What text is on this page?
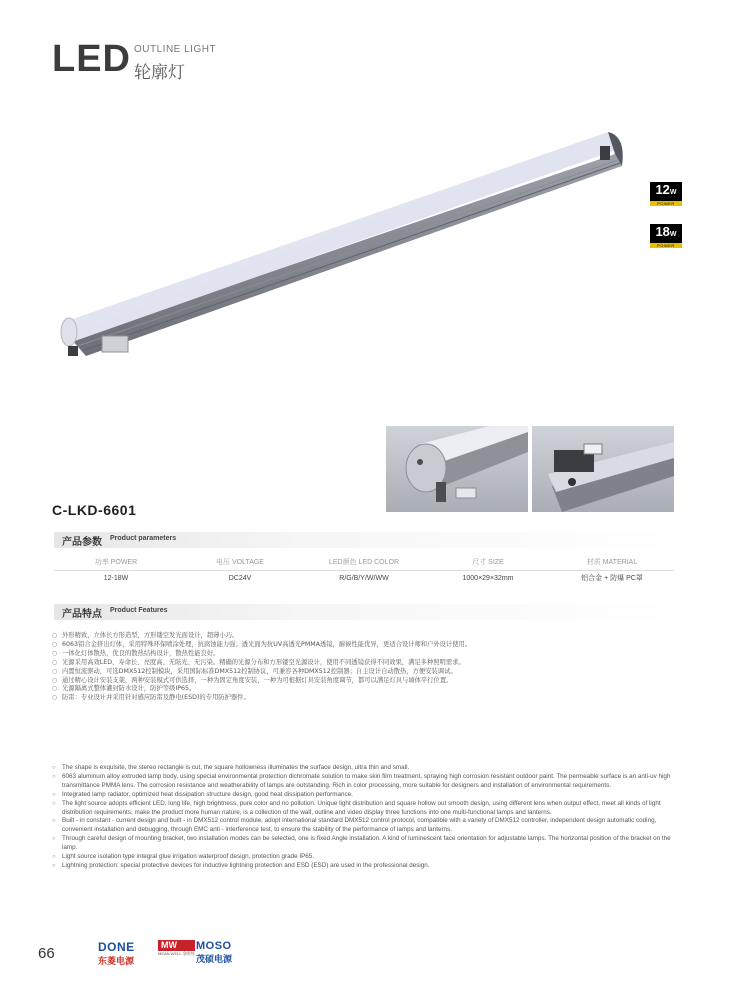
LED OUTLINE LIGHT
轮廓灯
12W
POWER
18W
POWER
C-LKD-6601
产品参数 Product parameters
功率 POWER	电压 VOLTAGE	LED颜色 LED COLOR	尺寸 SIZE	材质 MATERIAL
12-18W	DC24V	R/G/B/Y/W/WW	1000×29×32mm	铝合金 + 防爆 PC罩
产品特点 Product Features
○ 外形精致，立体长方形造型，方形镂空发光面设计，超薄小巧。
○ 6063铝合金挤出灯体，采用特殊环保喷涂处理，抗腐蚀能力强；透光面为抗UV高透光PMMA透镜，耐候性能优异，更适合设计师和户外设计使用。
○ 一体化灯体散热，优良的散热结构设计，散热性能良好。
○ 光源采用高效LED，寿命长、亮度高、无眩光、无污染。精确的光源分布和方形镂空光源设计，使用不同透镜获得不同效果，满足多种照明需求。
○ 内置恒流驱动，可选DMX512控制模块，采用国际标准DMX512控制协议，可兼容各种DMX512控制器；自主设计自动散热，方便安装调试。
○ 通过精心设计安装支架，两种安装模式可供选择，一种为固定角度安装，一种为可根据灯具安装角度调节，都可以满足灯具与墙体平行位置。
○ 光源隔离式整体灌封防水设计，防护等级IP65。
○ 防雷：专业设计并采用针对感应防雷及静电(ESD)的专用防护器件。
○ The shape is exquisite, the stereo rectangle is cut, the square hollowness illuminates the surface design, ultra thin and small.
○ 6063 aluminum alloy extruded lamp body, using special environmental protection dichromate solution to make skin film treatment, spraying high corrosion resistant outdoor paint. The permeable surface is an anti-uv high transmittance PMMA lens. The corrosion resistance and weatherability of lamps are outstanding. Rich in color processing, more suitable for designers and installation of environmental requirements.
○ Integrated lamp radiator, optimized heat dissipation structure design, good heat dissipation performance.
○ The light source adopts efficient LED, long life, high brightness, pure color and no pollution. Unique light distribution and square hollow out smooth design, using different lens when output effect, meet all kinds of light distribution requirements, make the product more human nature, is a collection of the wall, outline and video display three functions into one multi-functional lamps and lanterns.
○ Built - in constant - current design and built - in DMX512 control module, adopt international standard DMX512 control protocol, compatible with a variety of DMX512 controller, independent design automatic coding, convenient installation and debugging, through EMC anti - interference test, to ensure the stability of the performance of lamps and lanterns.
○ Through careful design of mounting bracket, two installation modes can be selected, one is fixed Angle installation. A kind of luminescent face orientation for adjustable lamps. The horizontal position of the bracket on the lamp.
○ Light source isolation type integral glue irrigation waterproof design, protection grade IP65.
○ Lightning protection: special protective devices for inductive lightning protection and ESD (ESD) are used in the professional design.
66	DONE
东菱电源
MW
MEAN WELL 金明纬
MOSO
茂硕电源
